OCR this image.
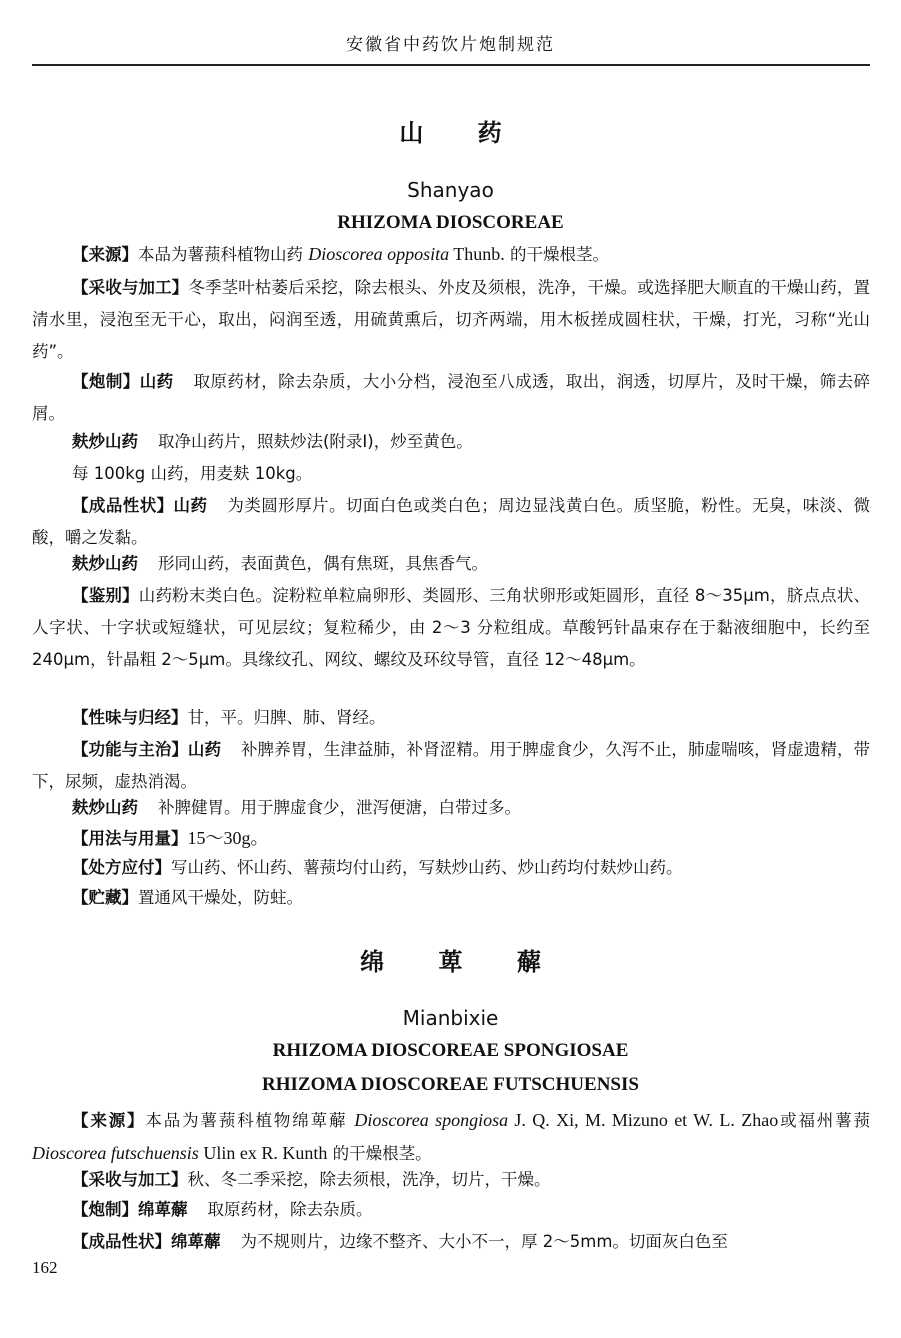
安徽省中药饮片炮制规范
山 药
Shanyao
RHIZOMA DIOSCOREAE
【来源】本品为薯蓣科植物山药 Dioscorea opposita Thunb. 的干燥根茎。
【采收与加工】冬季茎叶枯萎后采挖，除去根头、外皮及须根，洗净，干燥。或选择肥大顺直的干燥山药，置清水里，浸泡至无干心，取出，闷润至透，用硫黄熏后，切齐两端，用木板搓成圆柱状，干燥，打光，习称“光山药”。
【炮制】山药 取原药材，除去杂质，大小分档，浸泡至八成透，取出，润透，切厚片，及时干燥，筛去碎屑。
麸炒山药 取净山药片，照麸炒法(附录Ⅰ)，炒至黄色。
每 100kg 山药，用麦麸 10kg。
【成品性状】山药 为类圆形厚片。切面白色或类白色；周边显浅黄白色。质坚脆，粉性。无臭，味淡、微酸，嚼之发黏。
麸炒山药 形同山药，表面黄色，偶有焦斑，具焦香气。
【鉴别】山药粉末类白色。淀粉粒单粒扁卵形、类圆形、三角状卵形或矩圆形，直径 8～35μm，脐点点状、人字状、十字状或短缝状，可见层纹；复粒稀少，由 2～3 分粒组成。草酸钙针晶束存在于黏液细胞中，长约至 240μm，针晶粗 2～5μm。具缘纹孔、网纹、螺纹及环纹导管，直径 12～48μm。
【性味与归经】甘，平。归脾、肺、肾经。
【功能与主治】山药 补脾养胃，生津益肺，补肾涩精。用于脾虚食少，久泻不止，肺虚喘咳，肾虚遗精，带下，尿频，虚热消渴。
麸炒山药 补脾健胃。用于脾虚食少，泄泻便溏，白带过多。
【用法与用量】15～30g。
【处方应付】写山药、怀山药、薯蓣均付山药，写麸炒山药、炒山药均付麸炒山药。
【贮藏】置通风干燥处，防蛀。
绵 萆 薢
Mianbixie
RHIZOMA DIOSCOREAE SPONGIOSAE
RHIZOMA DIOSCOREAE FUTSCHUENSIS
【来源】本品为薯蓣科植物绵萆薢 Dioscorea spongiosa J. Q. Xi, M. Mizuno et W. L. Zhao或福州薯蓣 Dioscorea futschuensis Ulin ex R. Kunth 的干燥根茎。
【采收与加工】秋、冬二季采挖，除去须根，洗净，切片，干燥。
【炮制】绵萆薢 取原药材，除去杂质。
【成品性状】绵萆薢 为不规则片，边缘不整齐、大小不一，厚 2～5mm。切面灰白色至
162
